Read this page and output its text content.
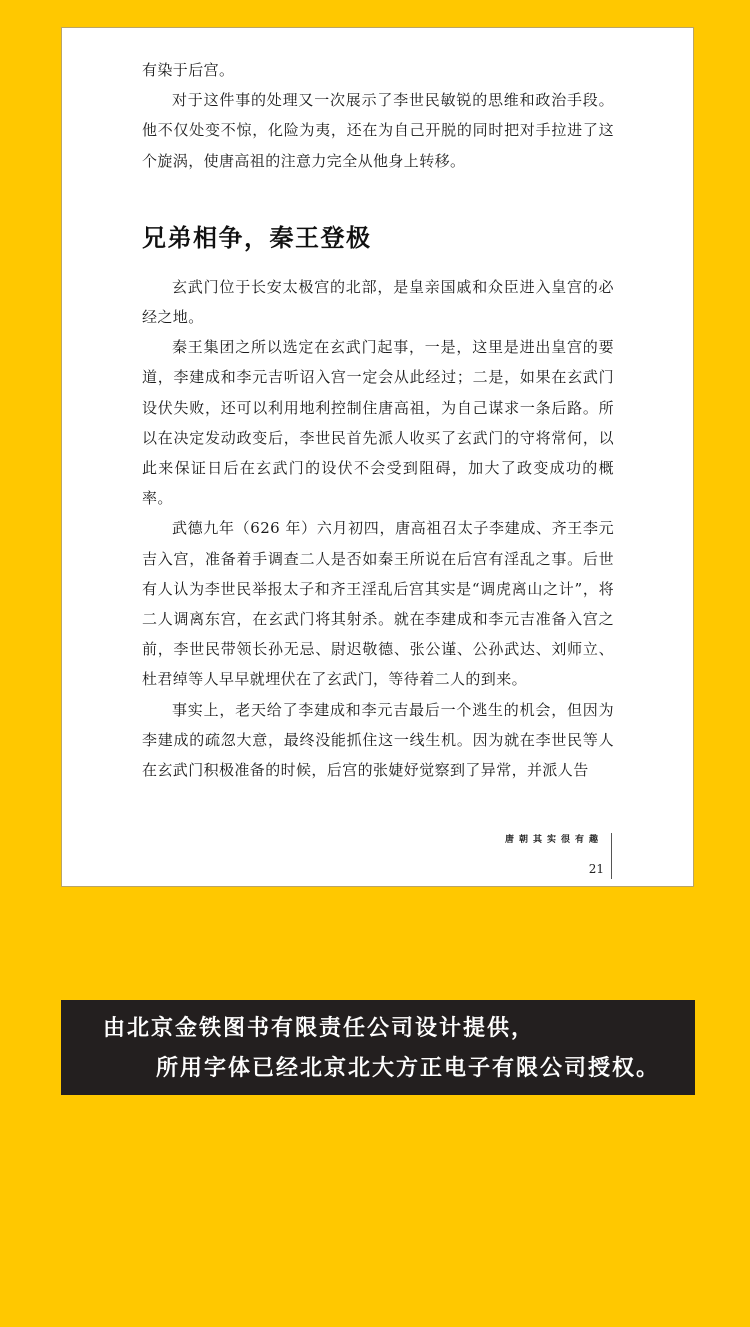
有染于后宫。

对于这件事的处理又一次展示了李世民敏锐的思维和政治手段。他不仅处变不惊，化险为夷，还在为自己开脱的同时把对手拉进了这个旋涡，使唐高祖的注意力完全从他身上转移。

兄弟相争，秦王登极

玄武门位于长安太极宫的北部，是皇亲国戚和众臣进入皇宫的必经之地。

秦王集团之所以选定在玄武门起事，一是，这里是进出皇宫的要道，李建成和李元吉听诏入宫一定会从此经过；二是，如果在玄武门设伏失败，还可以利用地利控制住唐高祖，为自己谋求一条后路。所以在决定发动政变后，李世民首先派人收买了玄武门的守将常何，以此来保证日后在玄武门的设伏不会受到阻碍，加大了政变成功的概率。

武德九年（626 年）六月初四，唐高祖召太子李建成、齐王李元吉入宫，准备着手调查二人是否如秦王所说在后宫有淫乱之事。后世有人认为李世民举报太子和齐王淫乱后宫其实是“调虎离山之计”，将二人调离东宫，在玄武门将其射杀。就在李建成和李元吉准备入宫之前，李世民带领长孙无忌、尉迟敬德、张公谨、公孙武达、刘师立、杜君绰等人早早就埋伏在了玄武门，等待着二人的到来。

事实上，老天给了李建成和李元吉最后一个逃生的机会，但因为李建成的疏忽大意，最终没能抓住这一线生机。因为就在李世民等人在玄武门积极准备的时候，后宫的张婕妤觉察到了异常，并派人告

唐朝其实很有趣
21
由北京金铁图书有限责任公司设计提供，
所用字体已经北京北大方正电子有限公司授权。
